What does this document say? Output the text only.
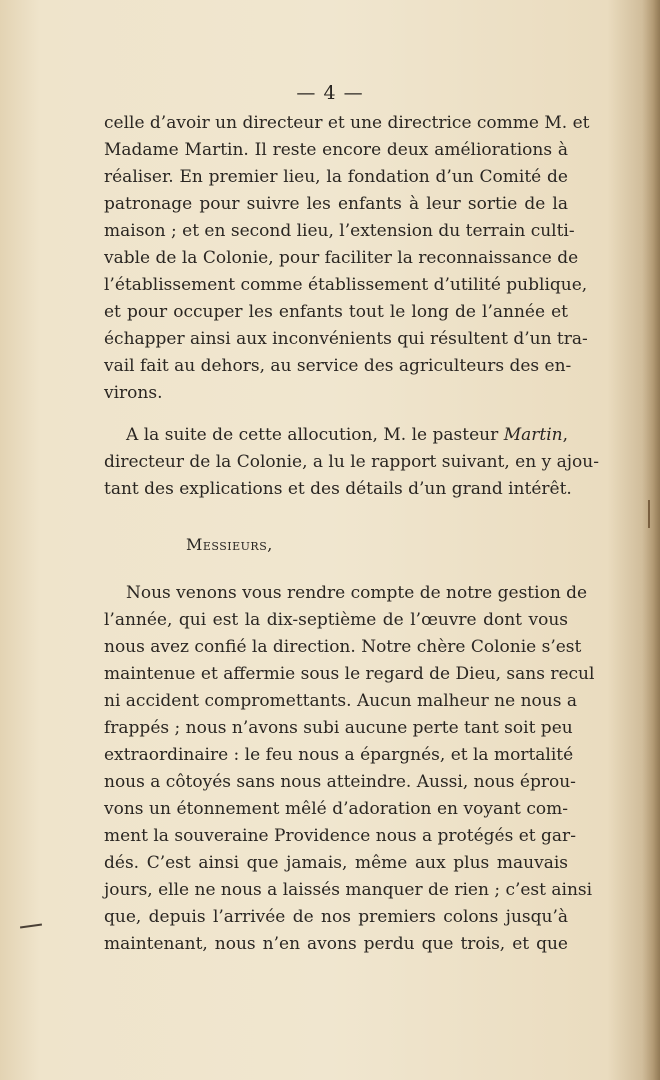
— 4 —
celle d’avoir un directeur et une directrice comme M. et
Madame Martin. Il reste encore deux améliorations à
réaliser. En premier lieu, la fondation d’un Comité de
patronage pour suivre les enfants à leur sortie de la
maison ; et en second lieu, l’extension du terrain culti-
vable de la Colonie, pour faciliter la reconnaissance de
l’établissement comme établissement d’utilité publique,
et pour occuper les enfants tout le long de l’année et
échapper ainsi aux inconvénients qui résultent d’un tra-
vail fait au dehors, au service des agriculteurs des en-
virons.
A la suite de cette allocution, M. le pasteur Martin,
directeur de la Colonie, a lu le rapport suivant, en y ajou-
tant des explications et des détails d’un grand intérêt.
Messieurs,
Nous venons vous rendre compte de notre gestion de
l’année, qui est la dix-septième de l’œuvre dont vous
nous avez confié la direction. Notre chère Colonie s’est
maintenue et affermie sous le regard de Dieu, sans recul
ni accident compromettants. Aucun malheur ne nous a
frappés ; nous n’avons subi aucune perte tant soit peu
extraordinaire : le feu nous a épargnés, et la mortalité
nous a côtoyés sans nous atteindre. Aussi, nous éprou-
vons un étonnement mêlé d’adoration en voyant com-
ment la souveraine Providence nous a protégés et gar-
dés. C’est ainsi que jamais, même aux plus mauvais
jours, elle ne nous a laissés manquer de rien ; c’est ainsi
que, depuis l’arrivée de nos premiers colons jusqu’à
maintenant, nous n’en avons perdu que trois, et que
